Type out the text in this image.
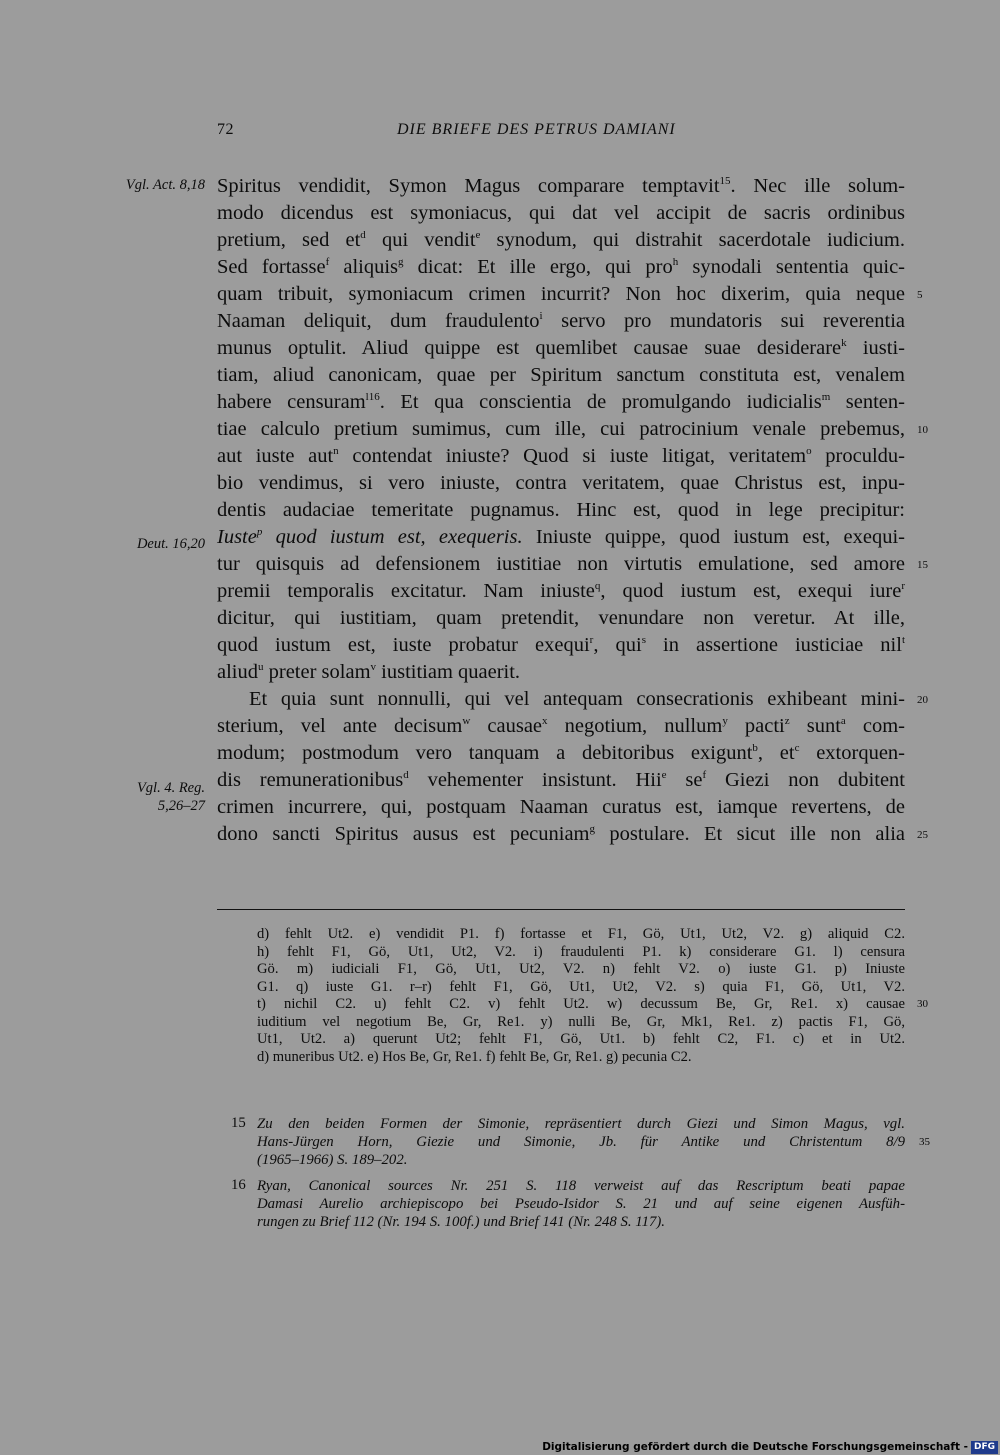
72	DIE BRIEFE DES PETRUS DAMIANI
Vgl. Act. 8,18
Deut. 16,20
Vgl. 4. Reg.
5,26–27
Spiritus vendidit, Symon Magus comparare temptavit$^{15}$. Nec ille solum-
modo dicendus est symoniacus, qui dat vel accipit de sacris ordinibus
pretium, sed $et^d$ qui vendit$^e$ synodum, qui distrahit sacerdotale iudicium.
Sed fortasse$^f$ aliquis$^g$ dicat: Et ille ergo, qui pro$^h$ synodali sententia quic-
quam tribuit, symoniacum crimen incurrit? Non hoc dixerim, quia neque 5
Naaman deliquit, dum fraudulento$^i$ servo pro mundatoris sui reverentia
munus optulit. Aliud quippe est quemlibet causae suae desiderare$^k$ iusti-
tiam, aliud canonicam, quae per Spiritum sanctum constituta est, venalem
habere censuram$^{l16}$. Et qua conscientia de promulgando iudicialis$^m$ senten-
tiae calculo pretium sumimus, cum ille, cui patrocinium venale prebemus, 10
aut iuste aut$^n$ contendat iniuste? Quod si iuste litigat, veritatem$^o$ proculdu-
bio vendimus, si vero iniuste, contra veritatem, quae Christus est, inpu-
dentis audaciae temeritate pugnamus. Hinc est, quod in lege precipitur:
Iuste$^p$ quod iustum est, exequeris. Iniuste quippe, quod iustum est, exequi-
tur quisquis ad defensionem iustitiae non virtutis emulatione, sed amore 15
premii temporalis excitatur. Nam iniuste$^q$, quod iustum est, exequi iure$^r$
dicitur, qui iustitiam, quam pretendit, venundare non veretur. At ille,
quod iustum est, iuste probatur exequi$^r$, qui$^s$ in assertione iusticiae nil$^t$
aliud$^u$ preter solam$^v$ iustitiam quaerit.
Et quia sunt nonnulli, qui vel antequam consecrationis exhibeant mini- 20
sterium, vel ante decisum$^w$ causae$^x$ negotium, nullum$^y$ pacti$^z$ sunt$^a$ com-
modum; postmodum vero tanquam a debitoribus exigunt$^b$, $et^c$ extorquen-
dis remunerationibus$^d$ vehementer insistunt. Hii$^e$ $se^f$ Giezi non dubitent
crimen incurrere, qui, postquam Naaman curatus est, iamque revertens, de
dono sancti Spiritus ausus est pecuniam$^g$ postulare. Et sicut ille non alia 25
d) fehlt Ut2. e) vendidit P1. f) fortasse et F1, Gö, Ut1, Ut2, V2. g) aliquid C2.
h) fehlt F1, Gö, Ut1, Ut2, V2. i) fraudulenti P1. k) considerare G1. l) censura
Gö. m) iudiciali F1, Gö, Ut1, Ut2, V2. n) fehlt V2. o) iuste G1. p) Iniuste
G1. q) iuste G1. r–r) fehlt F1, Gö, Ut1, Ut2, V2. s) quia F1, Gö, Ut1, V2.
t) nichil C2. u) fehlt C2. v) fehlt Ut2. w) decussum Be, Gr, Re1. x) causae 30
iuditium vel negotium Be, Gr, Re1. y) nulli Be, Gr, Mk1, Re1. z) pactis F1, Gö,
Ut1, Ut2. a) querunt Ut2; fehlt F1, Gö, Ut1. b) fehlt C2, F1. c) et in Ut2.
d) muneribus Ut2. e) Hos Be, Gr, Re1. f) fehlt Be, Gr, Re1. g) pecunia C2.
15 Zu den beiden Formen der Simonie, repräsentiert durch Giezi und Simon Magus, vgl.
Hans-Jürgen Horn, Giezie und Simonie, Jb. für Antike und Christentum 8/9 35
(1965–1966) S. 189–202.
16 Ryan, Canonical sources Nr. 251 S. 118 verweist auf das Rescriptum beati papae
Damasi Aurelio archiepiscopo bei Pseudo-Isidor S. 21 und auf seine eigenen Ausfüh-
rungen zu Brief 112 (Nr. 194 S. 100f.) und Brief 141 (Nr. 248 S. 117).
Digitalisierung gefördert durch die Deutsche Forschungsgemeinschaft - DFG
